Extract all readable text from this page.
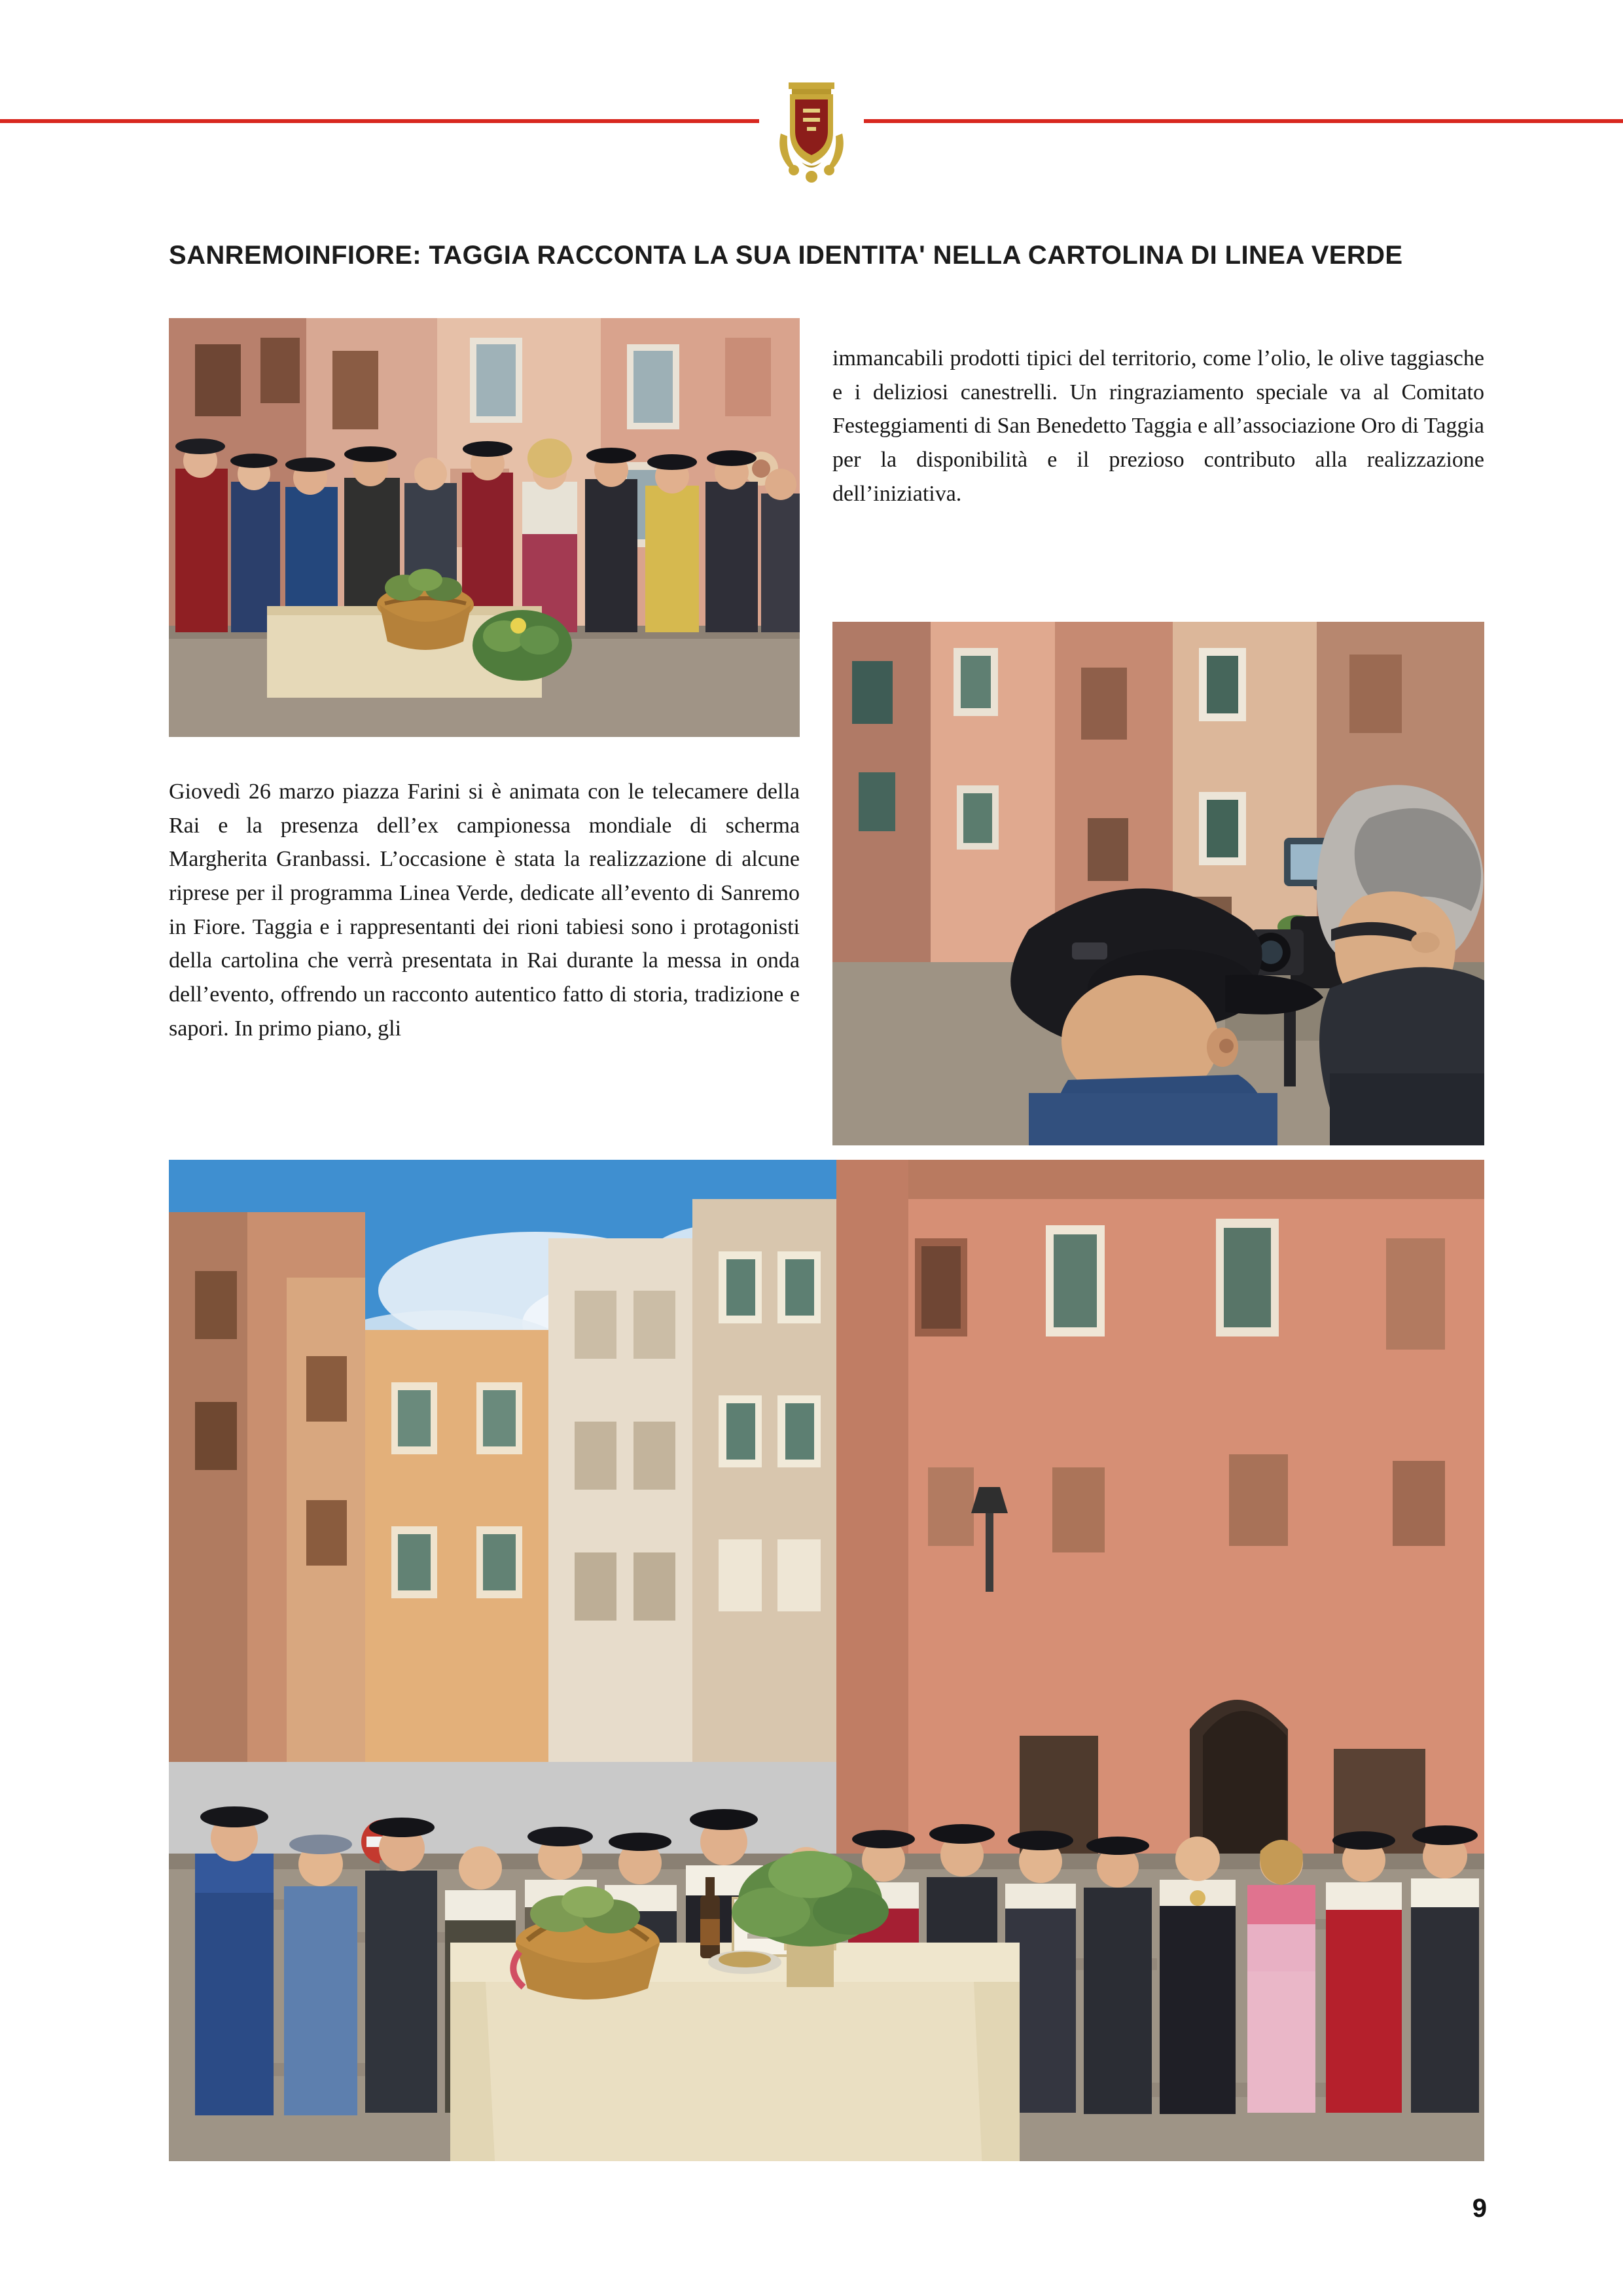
SANREMOINFIORE: TAGGIA RACCONTA LA SUA IDENTITA' NELLA CARTOLINA DI LINEA VERDE

immancabili prodotti tipici del territorio, come l’olio, le olive taggiasche e i deliziosi canestrelli. Un ringraziamento speciale va al Comitato Festeggiamenti di San Benedetto Taggia e all’associazione Oro di Taggia per la disponibilità e il prezioso contributo alla realizzazione dell’iniziativa.

Giovedì 26 marzo piazza Farini si è animata con le telecamere della Rai e la presenza dell’ex campionessa mondiale di scherma Margherita Granbassi. L’occasione è stata la realizzazione di alcune riprese per il programma Linea Verde, dedicate all’evento di Sanremo in Fiore. Taggia e i rappresentanti dei rioni tabiesi sono i protagonisti della cartolina che verrà presentata in Rai durante la messa in onda dell’evento, offrendo un racconto autentico fatto di storia, tradizione e sapori. In primo piano, gli

9
